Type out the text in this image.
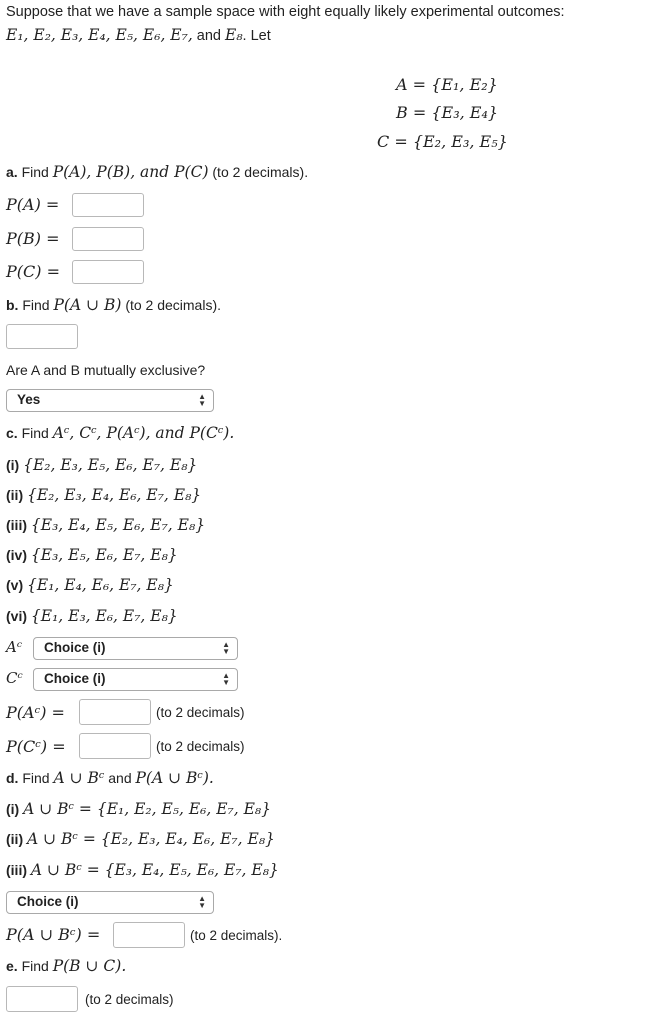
Suppose that we have a sample space with eight equally likely experimental outcomes:
E₁, E₂, E₃, E₄, E₅, E₆, E₇, and E₈. Let
A = {E₁, E₂}
B = {E₃, E₄}
C = {E₂, E₃, E₅}
a. Find P(A), P(B), and P(C) (to 2 decimals).
P(A) =
P(B) =
P(C) =
b. Find P(A ∪ B) (to 2 decimals).
Are A and B mutually exclusive?
Yes	▲
▼
c. Find Aᶜ, Cᶜ, P(Aᶜ), and P(Cᶜ).
(i) {E₂, E₃, E₅, E₆, E₇, E₈}
(ii) {E₂, E₃, E₄, E₆, E₇, E₈}
(iii) {E₃, E₄, E₅, E₆, E₇, E₈}
(iv) {E₃, E₅, E₆, E₇, E₈}
(v) {E₁, E₄, E₆, E₇, E₈}
(vi) {E₁, E₃, E₆, E₇, E₈}
Aᶜ	Choice (i)	▲
▼
Cᶜ	Choice (i)	▲
▼
P(Aᶜ) =	(to 2 decimals)
P(Cᶜ) =	(to 2 decimals)
d. Find A ∪ Bᶜ and P(A ∪ Bᶜ).
(i) A ∪ Bᶜ = {E₁, E₂, E₅, E₆, E₇, E₈}
(ii) A ∪ Bᶜ = {E₂, E₃, E₄, E₆, E₇, E₈}
(iii) A ∪ Bᶜ = {E₃, E₄, E₅, E₆, E₇, E₈}
Choice (i)	▲
▼
P(A ∪ Bᶜ) =	(to 2 decimals).
e. Find P(B ∪ C).
(to 2 decimals)
